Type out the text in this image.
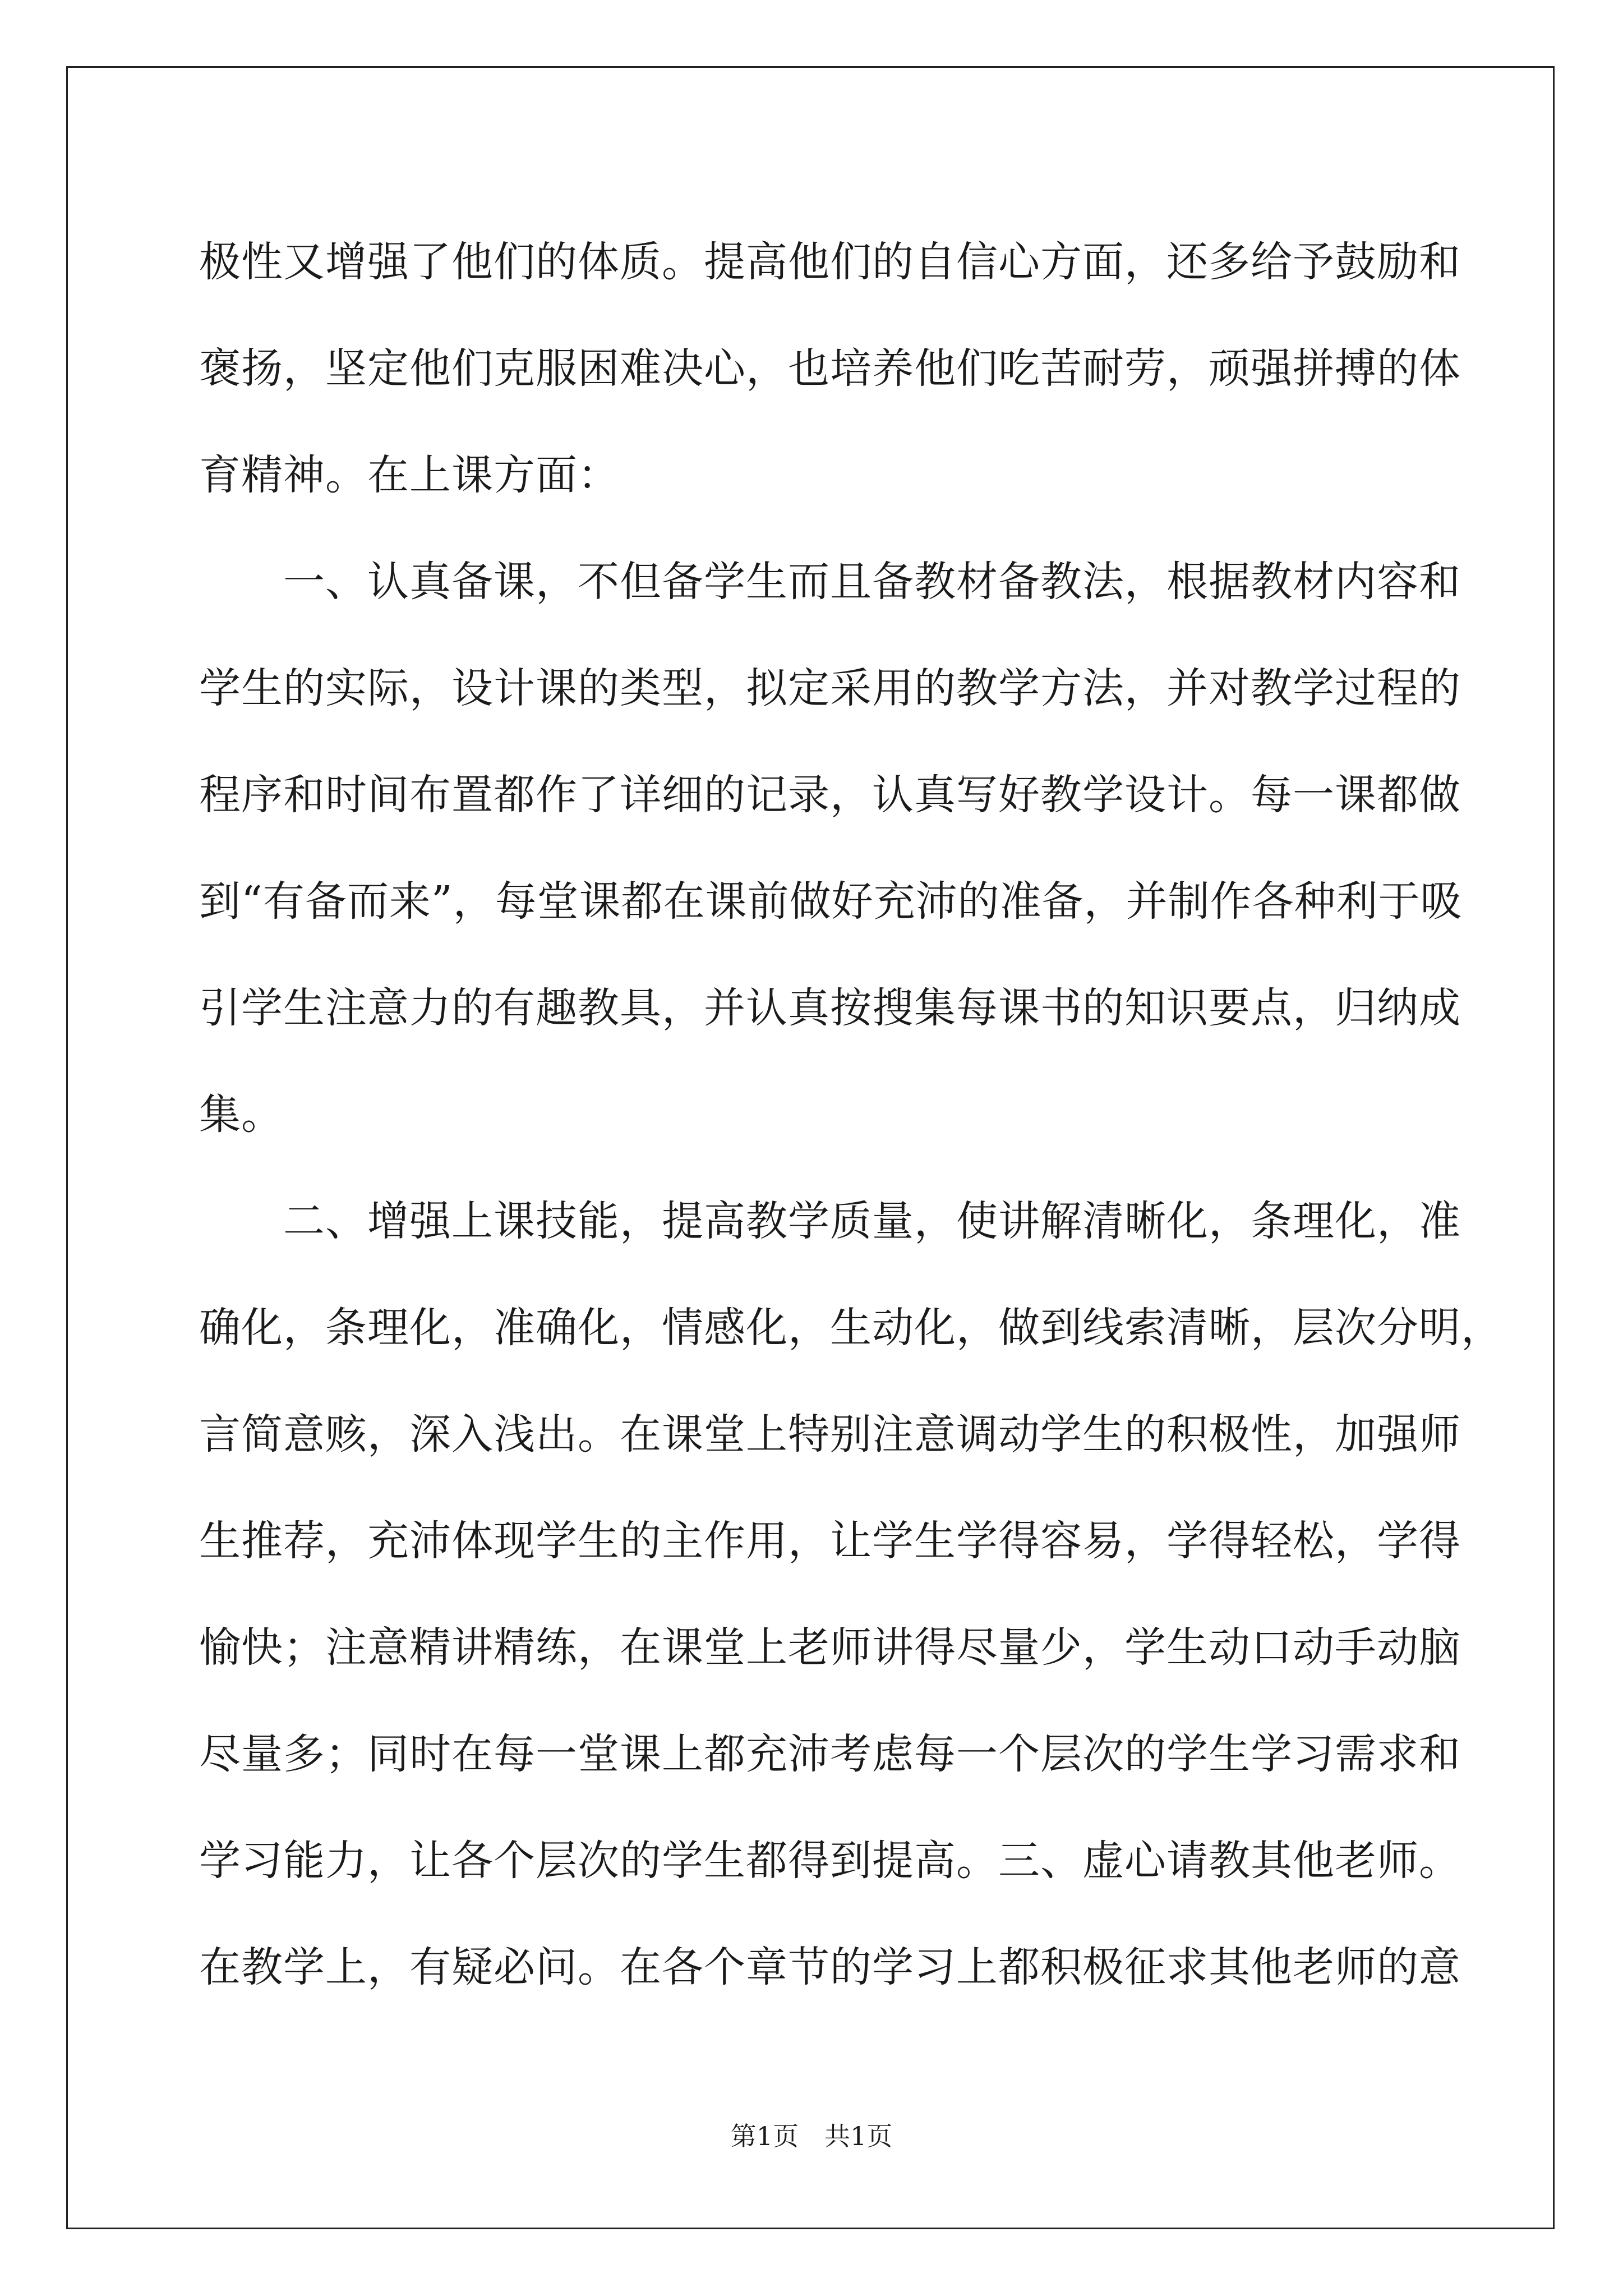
极性又增强了他们的体质。提高他们的自信心方面，还多给予鼓励和
褒扬，坚定他们克服困难决心，也培养他们吃苦耐劳，顽强拼搏的体
育精神。在上课方面：
　　一、认真备课，不但备学生而且备教材备教法，根据教材内容和
学生的实际，设计课的类型，拟定采用的教学方法，并对教学过程的
程序和时间布置都作了详细的记录，认真写好教学设计。每一课都做
到“有备而来”，每堂课都在课前做好充沛的准备，并制作各种利于吸
引学生注意力的有趣教具，并认真按搜集每课书的知识要点，归纳成
集。
　　二、增强上课技能，提高教学质量，使讲解清晰化，条理化，准
确化，条理化，准确化，情感化，生动化，做到线索清晰，层次分明，
言简意赅，深入浅出。在课堂上特别注意调动学生的积极性，加强师
生推荐，充沛体现学生的主作用，让学生学得容易，学得轻松，学得
愉快；注意精讲精练，在课堂上老师讲得尽量少，学生动口动手动脑
尽量多；同时在每一堂课上都充沛考虑每一个层次的学生学习需求和
学习能力，让各个层次的学生都得到提高。三、虚心请教其他老师。
在教学上，有疑必问。在各个章节的学习上都积极征求其他老师的意
第1页　共1页
